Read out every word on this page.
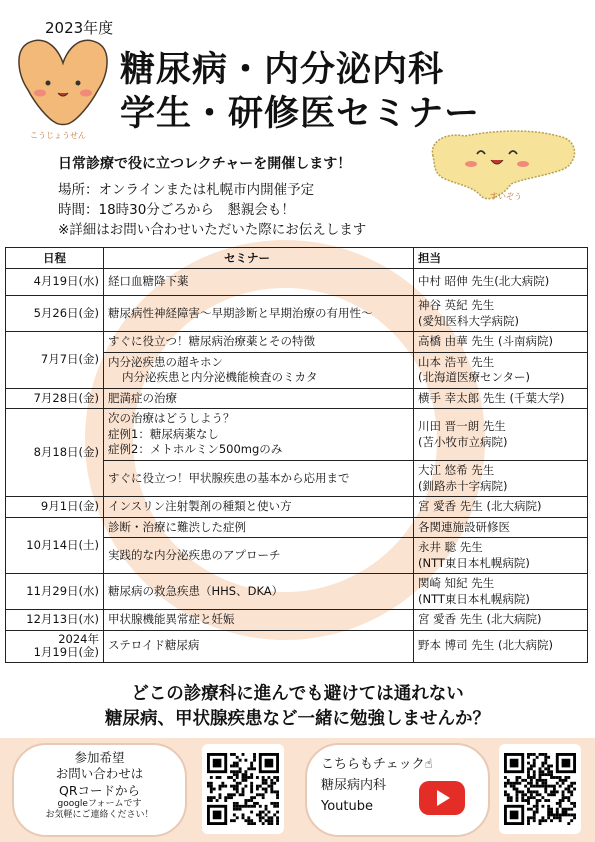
2023年度
糖尿病・内分泌内科
学生・研修医セミナー
こうじょうせん
すいぞう
日常診療で役に立つレクチャーを開催します！
場所：オンラインまたは札幌市内開催予定
時間：18時30分ごろから　懇親会も！
※詳細はお問い合わせいただいた際にお伝えします
日程	セミナー	担当
4月19日(水)	経口血糖降下薬	中村 昭伸 先生(北大病院)
5月26日(金)	糖尿病性神経障害～早期診断と早期治療の有用性～	神谷 英紀 先生
(愛知医科大学病院)

7月7日(金)	すぐに役立つ！糖尿病治療薬とその特徴	高橋 由華 先生 (斗南病院)

	内分泌疾患の超キホン
内分泌疾患と内分泌機能検査のミカタ	山本 浩平 先生
(北海道医療センター)

7月28日(金)	肥満症の治療	横手 幸太郎 先生 (千葉大学)
8月18日(金)	次の治療はどうしよう？
症例1：糖尿病薬なし
症例2：メトホルミン500mgのみ	川田 晋一朗 先生
(苫小牧市立病院)

	すぐに役立つ！甲状腺疾患の基本から応用まで	大江 悠希 先生
(釧路赤十字病院)

9月1日(金)	インスリン注射製剤の種類と使い方	宮 愛香 先生 (北大病院)
10月14日(土)	診断・治療に難渋した症例	各関連施設研修医
	実践的な内分泌疾患のアプローチ	永井 聡 先生
(NTT東日本札幌病院)

11月29日(水)	糖尿病の救急疾患（HHS、DKA）	関崎 知紀 先生
(NTT東日本札幌病院)

12月13日(水)	甲状腺機能異常症と妊娠	宮 愛香 先生 (北大病院)

2024年
1月19日(金)	ステロイド糖尿病	野本 博司 先生 (北大病院)
どこの診療科に進んでも避けては通れない
糖尿病、甲状腺疾患など一緒に勉強しませんか？
参加希望
お問い合わせは
QRコードから
googleフォームです
お気軽にご連絡ください！
こちらもチェック☝
糖尿病内科
Youtube
